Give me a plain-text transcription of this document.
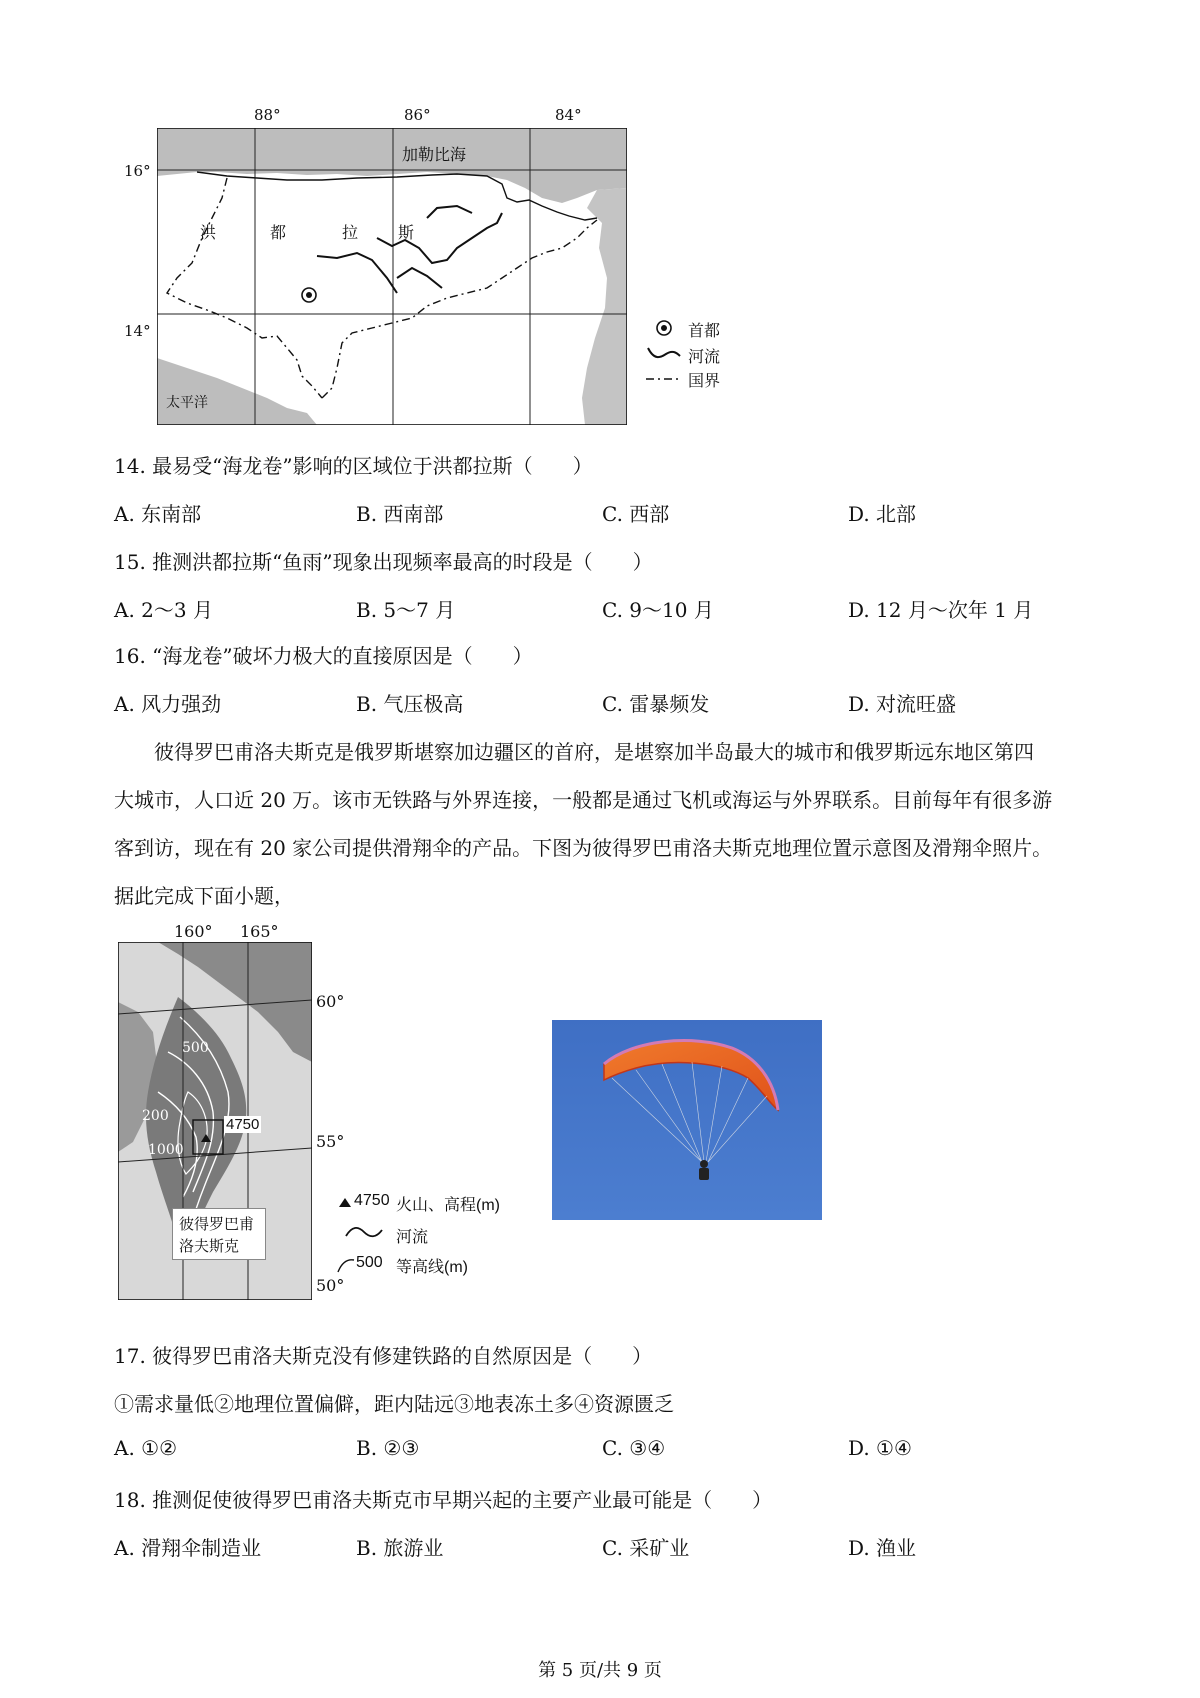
88°	86°	84°
16°
14°
加勒比海
洪	都	拉 斯
太平洋
首都
河流
国界
14. 最易受“海龙卷”影响的区域位于洪都拉斯（　　）
A. 东南部	B. 西南部	C. 西部	D. 北部
15. 推测洪都拉斯“鱼雨”现象出现频率最高的时段是（　　）
A. 2～3 月	B. 5～7 月	C. 9～10 月	D. 12 月～次年 1 月
16. “海龙卷”破坏力极大的直接原因是（　　）
A. 风力强劲	B. 气压极高	C. 雷暴频发	D. 对流旺盛
　　彼得罗巴甫洛夫斯克是俄罗斯堪察加边疆区的首府，是堪察加半岛最大的城市和俄罗斯远东地区第四
大城市，人口近 20 万。该市无铁路与外界连接，一般都是通过飞机或海运与外界联系。目前每年有很多游
客到访，现在有 20 家公司提供滑翔伞的产品。下图为彼得罗巴甫洛夫斯克地理位置示意图及滑翔伞照片。
据此完成下面小题，
160° 165°
60°
55°
50°
500
200
1000
4750
彼得罗巴甫
洛夫斯克
4750 火山、高程(m)
河流
500 等高线(m)
17. 彼得罗巴甫洛夫斯克没有修建铁路的自然原因是（　　）
①需求量低②地理位置偏僻，距内陆远③地表冻土多④资源匮乏
A. ①②	B. ②③	C. ③④	D. ①④
18. 推测促使彼得罗巴甫洛夫斯克市早期兴起的主要产业最可能是（　　）
A. 滑翔伞制造业	B. 旅游业	C. 采矿业	D. 渔业
第 5 页/共 9 页
